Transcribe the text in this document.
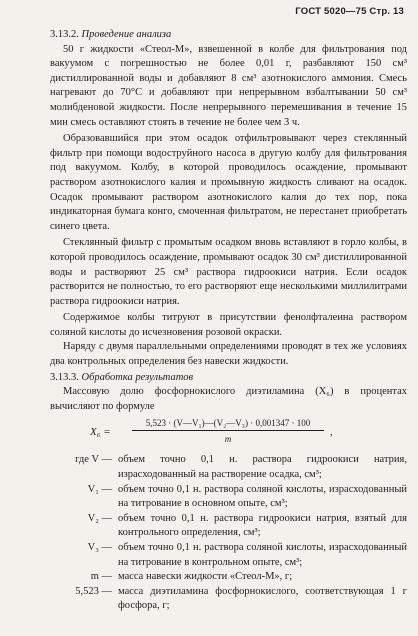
ГОСТ 5020—75 Стр. 13

3.13.2. Проведение анализа

50 г жидкости «Стеол-М», взвешенной в колбе для фильтрования под вакуумом с погрешностью не более 0,01 г, разбавляют 150 см³ дистиллированной воды и добавляют 8 см³ азотнокислого аммония. Смесь нагревают до 70°С и добавляют при непрерывном взбалтывании 50 см³ молибденовой жидкости. После непрерывного перемешивания в течение 15 мин смесь оставляют стоять в течение не более чем 3 ч.

Образовавшийся при этом осадок отфильтровывают через стеклянный фильтр при помощи водоструйного насоса в другую колбу для фильтрования под вакуумом. Колбу, в которой проводилось осаждение, промывают раствором азотнокислого калия и промывную жидкость сливают на осадок. Осадок промывают раствором азотнокислого калия до тех пор, пока индикаторная бумага конго, смоченная фильтратом, не перестанет приобретать синего цвета.

Стеклянный фильтр с промытым осадком вновь вставляют в горло колбы, в которой проводилось осаждение, промывают осадок 30 см³ дистиллированной воды и растворяют 25 см³ раствора гидроокиси натрия. Если осадок растворится не полностью, то его растворяют еще несколькими миллилитрами раствора гидроокиси натрия.

Содержимое колбы титруют в присутствии фенолфталеина раствором соляной кислоты до исчезновения розовой окраски.

Наряду с двумя параллельными определениями проводят в тех же условиях два контрольных определения без навески жидкости.

3.13.3. Обработка результатов

Массовую долю фосфорнокислого диэтиламина (X₆) в процентах вычисляют по формуле

X₆ =
5,523 · (V—V₁)—(V₂—V₃) · 0,001347 · 100
m
,
где V — объем точно 0,1 н. раствора гидроокиси натрия, израсходованный на растворение осадка, см³;
V₁ — объем точно 0,1 н. раствора соляной кислоты, израсходованный на титрование в основном опыте, см³;
V₂ — объем точно 0,1 н. раствора гидроокиси натрия, взятый для контрольного определения, см³;
V₃ — объем точно 0,1 н. раствора соляной кислоты, израсходованный на титрование в контрольном опыте, см³;
m — масса навески жидкости «Стеол-М», г;
5,523 — масса диэтиламина фосфорнокислого, соответствующая 1 г фосфора, г;
